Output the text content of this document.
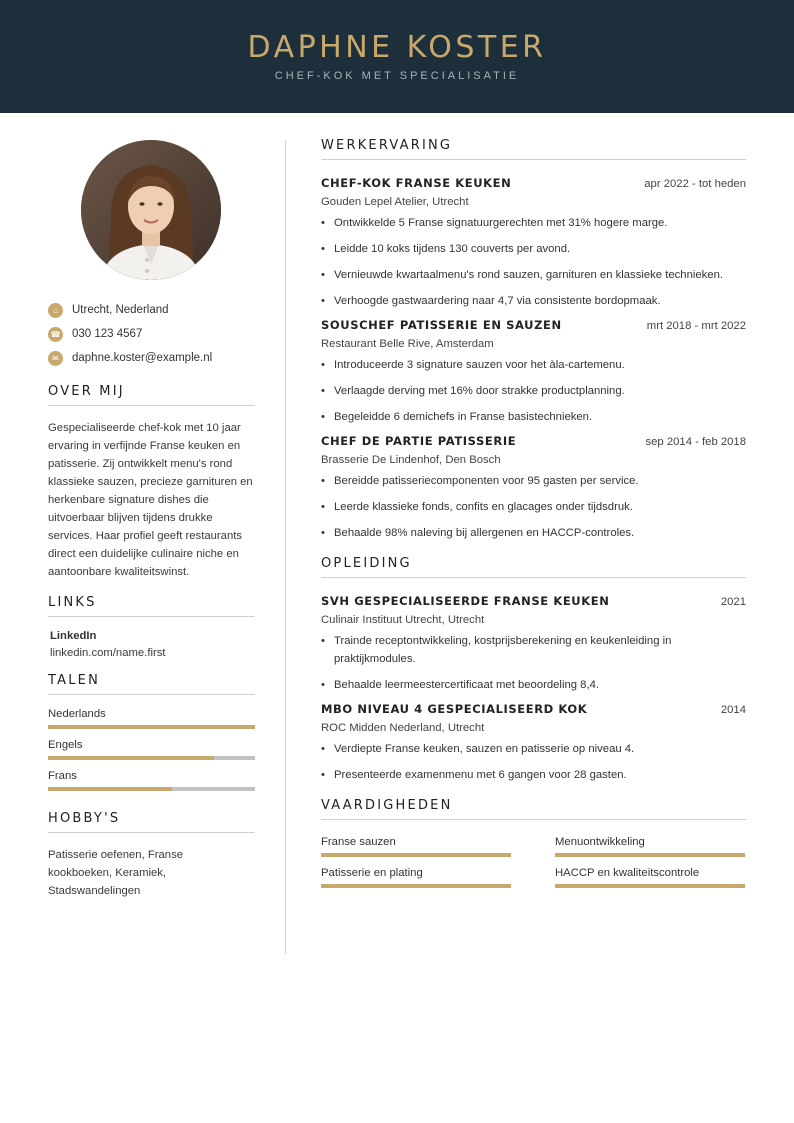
DAPHNE KOSTER
CHEF-KOK MET SPECIALISATIE
⌂	Utrecht, Nederland
☎ 030 123 4567
✉	daphne.koster@example.nl
OVER MIJ
Gespecialiseerde chef-kok met 10 jaar ervaring in verfijnde Franse keuken en patisserie. Zij ontwikkelt menu's rond klassieke sauzen, precieze garnituren en herkenbare signature dishes die uitvoerbaar blijven tijdens drukke services. Haar profiel geeft restaurants direct een duidelijke culinaire niche en aantoonbare kwaliteitswinst.
LINKS
LinkedIn
linkedin.com/name.first
TALEN
Nederlands
Engels
Frans
HOBBY'S
Patisserie oefenen, Franse kookboeken, Keramiek, Stadswandelingen
WERKERVARING
CHEF-KOK FRANSE KEUKEN	apr 2022 - tot heden
Gouden Lepel Atelier, Utrecht
• Ontwikkelde 5 Franse signatuurgerechten met 31% hogere marge.
• Leidde 10 koks tijdens 130 couverts per avond.
• Vernieuwde kwartaalmenu's rond sauzen, garnituren en klassieke technieken.
• Verhoogde gastwaardering naar 4,7 via consistente bordopmaak.
SOUSCHEF PATISSERIE EN SAUZEN	mrt 2018 - mrt 2022
Restaurant Belle Rive, Amsterdam
• Introduceerde 3 signature sauzen voor het àla-cartemenu.
• Verlaagde derving met 16% door strakke productplanning.
• Begeleidde 6 demichefs in Franse basistechnieken.
CHEF DE PARTIE PATISSERIE	sep 2014 - feb 2018
Brasserie De Lindenhof, Den Bosch
• Bereidde patisseriecomponenten voor 95 gasten per service.
• Leerde klassieke fonds, confits en glacages onder tijdsdruk.
• Behaalde 98% naleving bij allergenen en HACCP-controles.
OPLEIDING
SVH GESPECIALISEERDE FRANSE KEUKEN	2021
Culinair Instituut Utrecht, Utrecht
• Trainde receptontwikkeling, kostprijsberekening en keukenleiding in praktijkmodules.
• Behaalde leermeestercertificaat met beoordeling 8,4.
MBO NIVEAU 4 GESPECIALISEERD KOK	2014
ROC Midden Nederland, Utrecht
• Verdiepte Franse keuken, sauzen en patisserie op niveau 4.
• Presenteerde examenmenu met 6 gangen voor 28 gasten.
VAARDIGHEDEN
Franse sauzen	Menuontwikkeling
Patisserie en plating	HACCP en kwaliteitscontrole
